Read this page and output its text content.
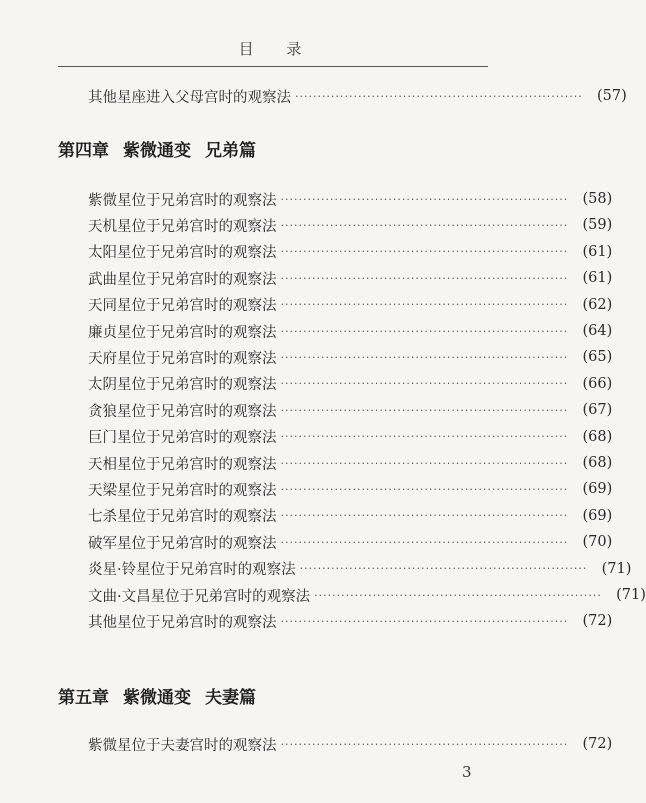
目 录
其他星座进入父母宫时的观察法 ································································ (57)
第四章 紫微通变 兄弟篇
紫微星位于兄弟宫时的观察法 ································································ (58)
天机星位于兄弟宫时的观察法 ································································ (59)
太阳星位于兄弟宫时的观察法 ································································ (61)
武曲星位于兄弟宫时的观察法 ································································ (61)
天同星位于兄弟宫时的观察法 ································································ (62)
廉贞星位于兄弟宫时的观察法 ································································ (64)
天府星位于兄弟宫时的观察法 ································································ (65)
太阴星位于兄弟宫时的观察法 ································································ (66)
贪狼星位于兄弟宫时的观察法 ································································ (67)
巨门星位于兄弟宫时的观察法 ································································ (68)
天相星位于兄弟宫时的观察法 ································································ (68)
天梁星位于兄弟宫时的观察法 ································································ (69)
七杀星位于兄弟宫时的观察法 ································································ (69)
破军星位于兄弟宫时的观察法 ································································ (70)
炎星·铃星位于兄弟宫时的观察法 ································································ (71)
文曲·文昌星位于兄弟宫时的观察法 ································································ (71)
其他星位于兄弟宫时的观察法 ································································ (72)
第五章 紫微通变 夫妻篇
紫微星位于夫妻宫时的观察法 ································································ (72)
3
